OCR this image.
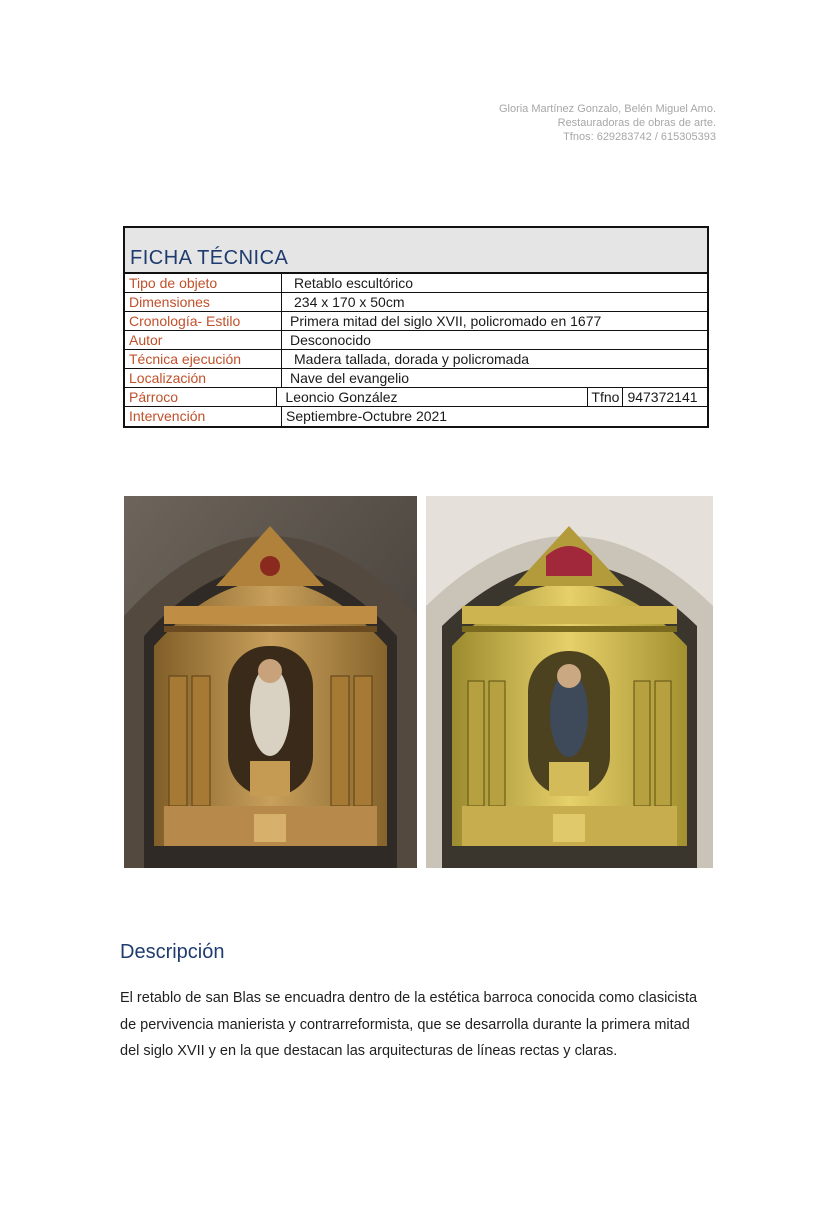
Gloria Martínez Gonzalo, Belén Miguel Amo.
Restauradoras de obras de arte.
Tfnos: 629283742 / 615305393
FICHA TÉCNICA
Tipo de objeto	Retablo escultórico
Dimensiones	234 x 170 x 50cm
Cronología- Estilo	Primera mitad del siglo XVII, policromado en 1677
Autor	Desconocido
Técnica ejecución	Madera tallada, dorada y policromada
Localización	Nave del evangelio
Párroco	Leoncio González	Tfno 947372141
Intervención	Septiembre-Octubre 2021
Descripción
El retablo de san Blas se encuadra dentro de la estética barroca conocida como clasicista de pervivencia manierista y contrarreformista, que se desarrolla durante la primera mitad del siglo XVII y en la que destacan las arquitecturas de líneas rectas y claras.
